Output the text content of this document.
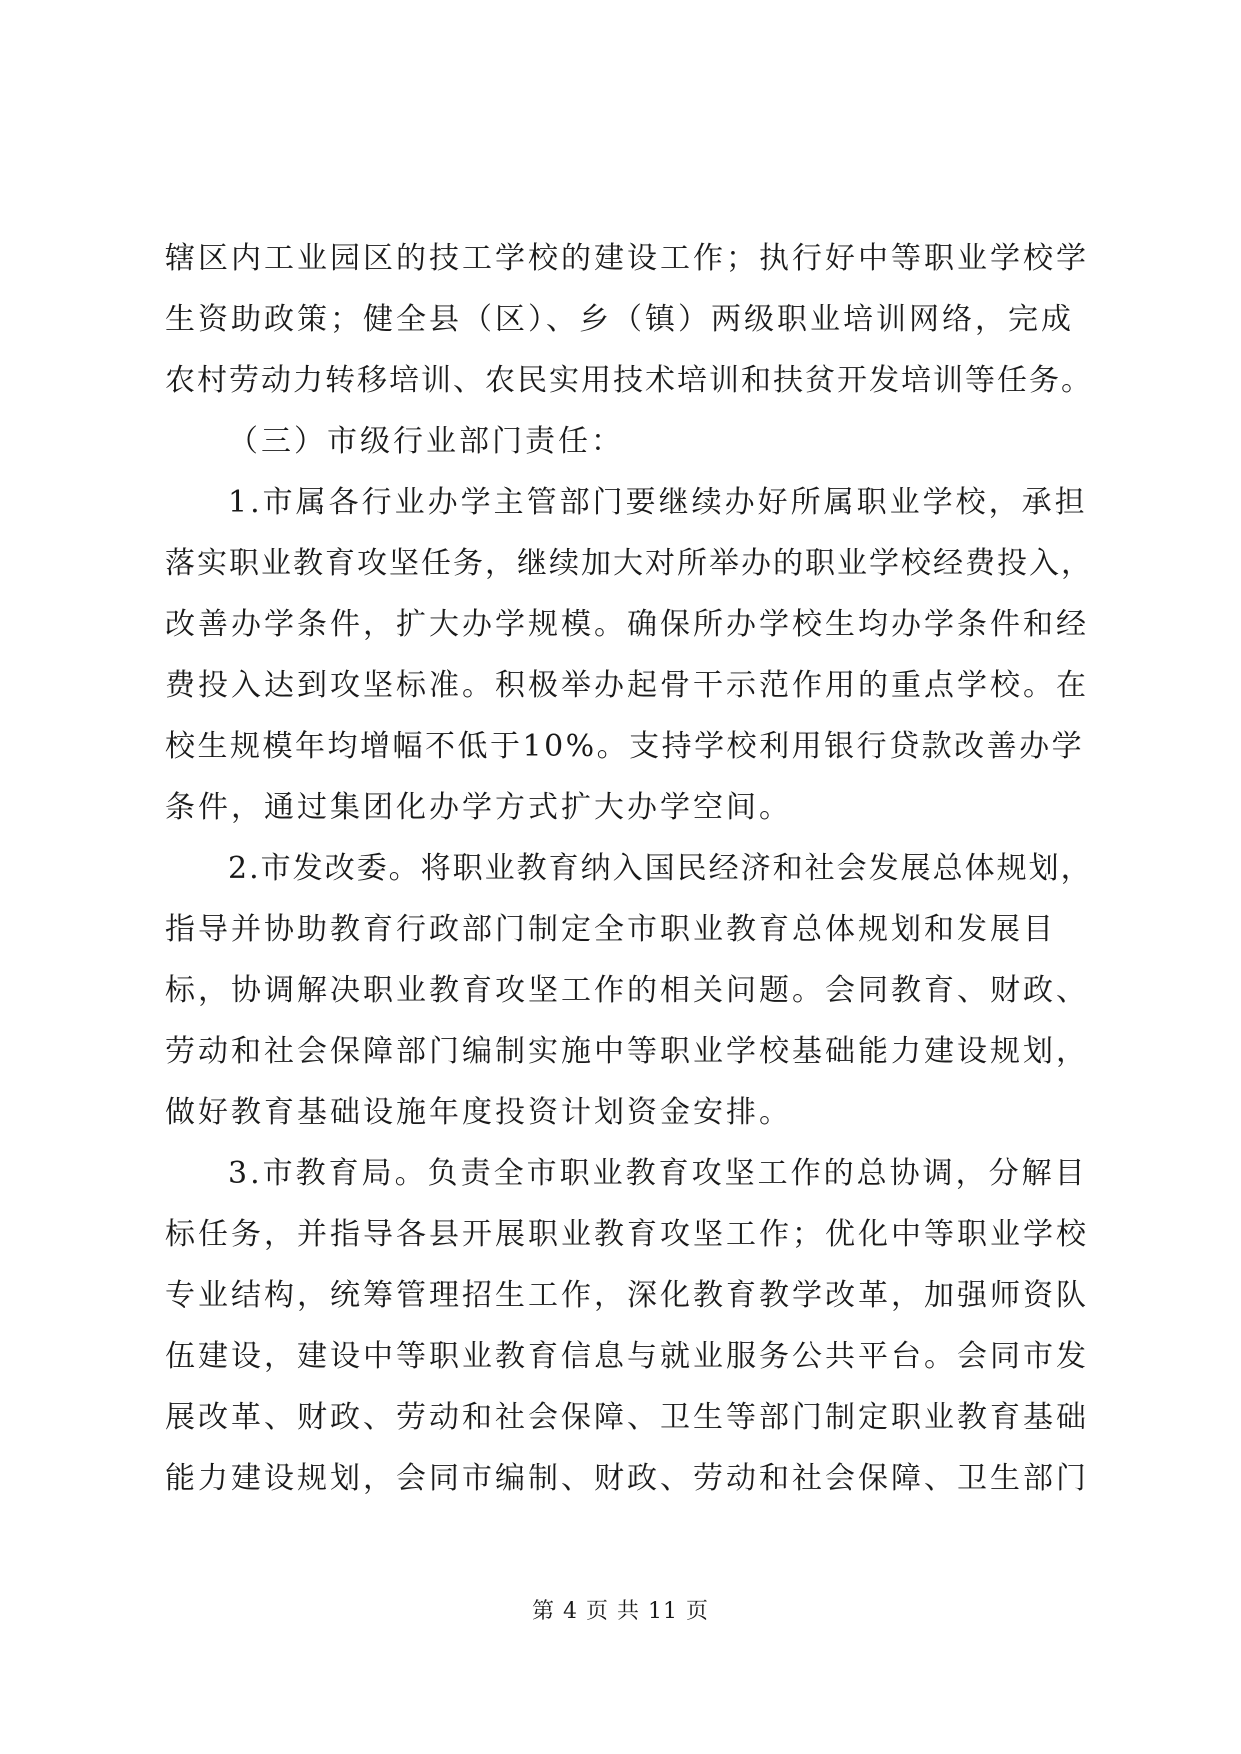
辖区内工业园区的技工学校的建设工作；执行好中等职业学校学
生资助政策；健全县（区）、乡（镇）两级职业培训网络，完成
农村劳动力转移培训、农民实用技术培训和扶贫开发培训等任务。
（三）市级行业部门责任：
1.市属各行业办学主管部门要继续办好所属职业学校，承担
落实职业教育攻坚任务，继续加大对所举办的职业学校经费投入，
改善办学条件，扩大办学规模。确保所办学校生均办学条件和经
费投入达到攻坚标准。积极举办起骨干示范作用的重点学校。在
校生规模年均增幅不低于10%。支持学校利用银行贷款改善办学
条件，通过集团化办学方式扩大办学空间。
2.市发改委。将职业教育纳入国民经济和社会发展总体规划，
指导并协助教育行政部门制定全市职业教育总体规划和发展目
标，协调解决职业教育攻坚工作的相关问题。会同教育、财政、
劳动和社会保障部门编制实施中等职业学校基础能力建设规划，
做好教育基础设施年度投资计划资金安排。
3.市教育局。负责全市职业教育攻坚工作的总协调，分解目
标任务，并指导各县开展职业教育攻坚工作；优化中等职业学校
专业结构，统筹管理招生工作，深化教育教学改革，加强师资队
伍建设，建设中等职业教育信息与就业服务公共平台。会同市发
展改革、财政、劳动和社会保障、卫生等部门制定职业教育基础
能力建设规划，会同市编制、财政、劳动和社会保障、卫生部门
第 4 页 共 11 页
